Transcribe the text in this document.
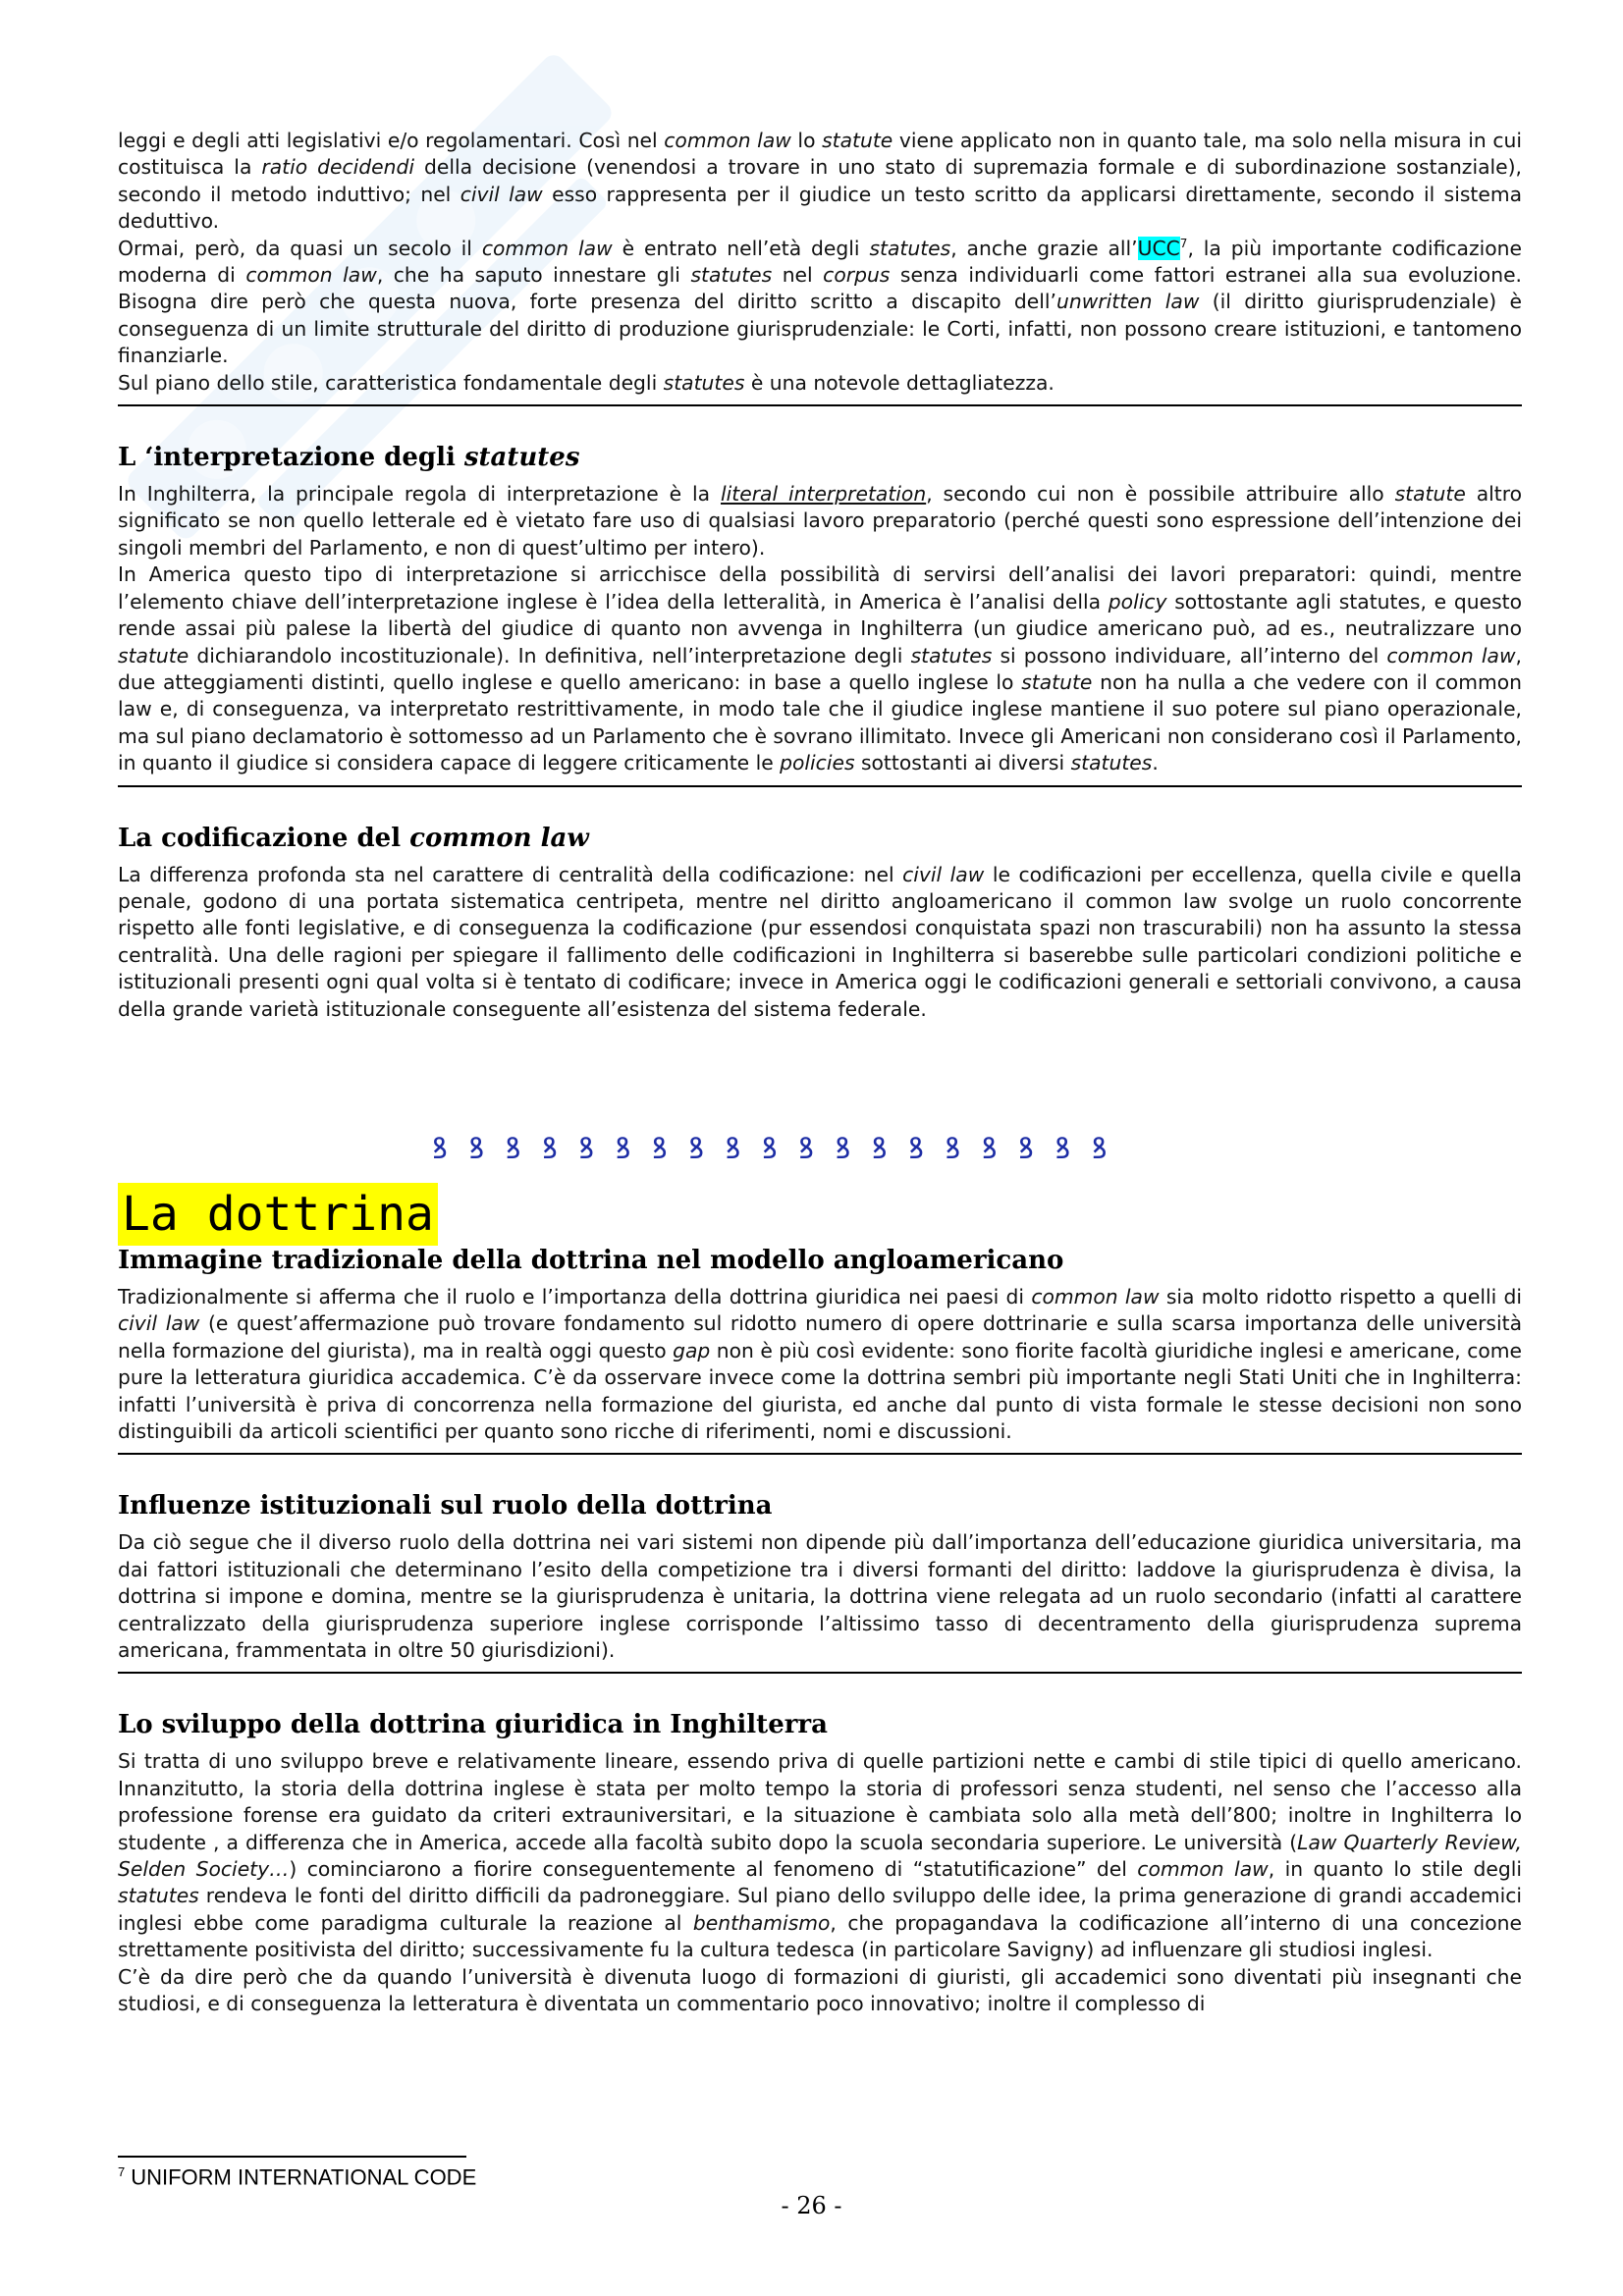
leggi e degli atti legislativi e/o regolamentari. Così nel common law lo statute viene applicato non in quanto tale, ma solo nella misura in cui costituisca la ratio decidendi della decisione (venendosi a trovare in uno stato di supremazia formale e di subordinazione sostanziale), secondo il metodo induttivo; nel civil law esso rappresenta per il giudice un testo scritto da applicarsi direttamente, secondo il sistema deduttivo.

Ormai, però, da quasi un secolo il common law è entrato nell’età degli statutes, anche grazie all’UCC$^7$, la più importante codificazione moderna di common law, che ha saputo innestare gli statutes nel corpus senza individuarli come fattori estranei alla sua evoluzione. Bisogna dire però che questa nuova, forte presenza del diritto scritto a discapito dell’unwritten law (il diritto giurisprudenziale) è conseguenza di un limite strutturale del diritto di produzione giurisprudenziale: le Corti, infatti, non possono creare istituzioni, e tantomeno finanziarle.

Sul piano dello stile, caratteristica fondamentale degli statutes è una notevole dettagliatezza.

L ‘interpretazione degli statutes

In Inghilterra, la principale regola di interpretazione è la literal interpretation, secondo cui non è possibile attribuire allo statute altro significato se non quello letterale ed è vietato fare uso di qualsiasi lavoro preparatorio (perché questi sono espressione dell’intenzione dei singoli membri del Parlamento, e non di quest’ultimo per intero).

In America questo tipo di interpretazione si arricchisce della possibilità di servirsi dell’analisi dei lavori preparatori: quindi, mentre l’elemento chiave dell’interpretazione inglese è l’idea della letteralità, in America è l’analisi della policy sottostante agli statutes, e questo rende assai più palese la libertà del giudice di quanto non avvenga in Inghilterra (un giudice americano può, ad es., neutralizzare uno statute dichiarandolo incostituzionale). In definitiva, nell’interpretazione degli statutes si possono individuare, all’interno del common law, due atteggiamenti distinti, quello inglese e quello americano: in base a quello inglese lo statute non ha nulla a che vedere con il common law e, di conseguenza, va interpretato restrittivamente, in modo tale che il giudice inglese mantiene il suo potere sul piano operazionale, ma sul piano declamatorio è sottomesso ad un Parlamento che è sovrano illimitato. Invece gli Americani non considerano così il Parlamento, in quanto il giudice si considera capace di leggere criticamente le policies sottostanti ai diversi statutes.

La codificazione del common law

La differenza profonda sta nel carattere di centralità della codificazione: nel civil law le codificazioni per eccellenza, quella civile e quella penale, godono di una portata sistematica centripeta, mentre nel diritto angloamericano il common law svolge un ruolo concorrente rispetto alle fonti legislative, e di conseguenza la codificazione (pur essendosi conquistata spazi non trascurabili) non ha assunto la stessa centralità. Una delle ragioni per spiegare il fallimento delle codificazioni in Inghilterra si baserebbe sulle particolari condizioni politiche e istituzionali presenti ogni qual volta si è tentato di codificare; invece in America oggi le codificazioni generali e settoriali convivono, a causa della grande varietà istituzionale conseguente all’esistenza del sistema federale.

Immagine tradizionale della dottrina nel modello angloamericano

Tradizionalmente si afferma che il ruolo e l’importanza della dottrina giuridica nei paesi di common law sia molto ridotto rispetto a quelli di civil law (e quest’affermazione può trovare fondamento sul ridotto numero di opere dottrinarie e sulla scarsa importanza delle università nella formazione del giurista), ma in realtà oggi questo gap non è più così evidente: sono fiorite facoltà giuridiche inglesi e americane, come pure la letteratura giuridica accademica. C’è da osservare invece come la dottrina sembri più importante negli Stati Uniti che in Inghilterra: infatti l’università è priva di concorrenza nella formazione del giurista, ed anche dal punto di vista formale le stesse decisioni non sono distinguibili da articoli scientifici per quanto sono ricche di riferimenti, nomi e discussioni.

Influenze istituzionali sul ruolo della dottrina

Da ciò segue che il diverso ruolo della dottrina nei vari sistemi non dipende più dall’importanza dell’educazione giuridica universitaria, ma dai fattori istituzionali che determinano l’esito della competizione tra i diversi formanti del diritto: laddove la giurisprudenza è divisa, la dottrina si impone e domina, mentre se la giurisprudenza è unitaria, la dottrina viene relegata ad un ruolo secondario (infatti al carattere centralizzato della giurisprudenza superiore inglese corrisponde l’altissimo tasso di decentramento della giurisprudenza suprema americana, frammentata in oltre 50 giurisdizioni).

Lo sviluppo della dottrina giuridica in Inghilterra

Si tratta di uno sviluppo breve e relativamente lineare, essendo priva di quelle partizioni nette e cambi di stile tipici di quello americano. Innanzitutto, la storia della dottrina inglese è stata per molto tempo la storia di professori senza studenti, nel senso che l’accesso alla professione forense era guidato da criteri extrauniversitari, e la situazione è cambiata solo alla metà dell’800; inoltre in Inghilterra lo studente , a differenza che in America, accede alla facoltà subito dopo la scuola secondaria superiore. Le università (Law Quarterly Review, Selden Society…) cominciarono a fiorire conseguentemente al fenomeno di “statutificazione” del common law, in quanto lo stile degli statutes rendeva le fonti del diritto difficili da padroneggiare. Sul piano dello sviluppo delle idee, la prima generazione di grandi accademici inglesi ebbe come paradigma culturale la reazione al benthamismo, che propagandava la codificazione all’interno di una concezione strettamente positivista del diritto; successivamente fu la cultura tedesca (in particolare Savigny) ad influenzare gli studiosi inglesi.

C’è da dire però che da quando l’università è divenuta luogo di formazioni di giuristi, gli accademici sono diventati più insegnanti che studiosi, e di conseguenza la letteratura è diventata un commentario poco innovativo; inoltre il complesso di

ꝸ ꝸ ꝸ ꝸ ꝸ ꝸ ꝸ ꝸ ꝸ ꝸ ꝸ ꝸ ꝸ ꝸ ꝸ ꝸ ꝸ ꝸ ꝸ
La dottrina
$^7$ UNIFORM INTERNATIONAL CODE
- 26 -
